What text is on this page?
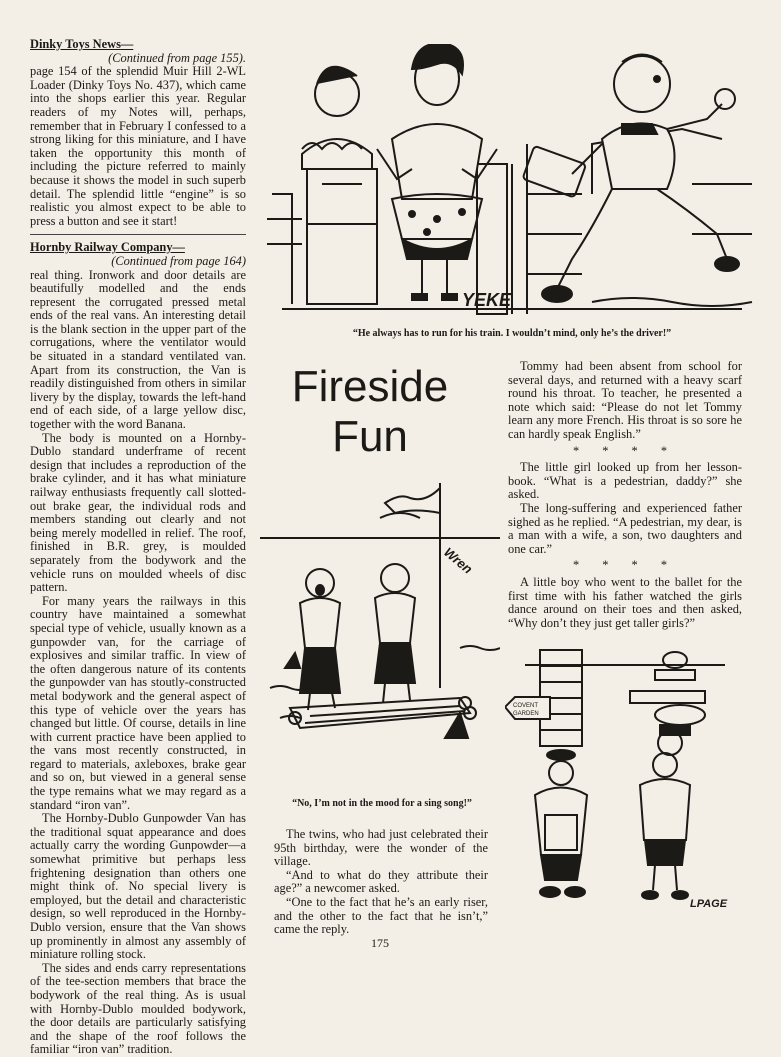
Dinky Toys News—

(Continued from page 155).

page 154 of the splendid Muir Hill 2-WL Loader (Dinky Toys No. 437), which came into the shops earlier this year. Regular readers of my Notes will, perhaps, remember that in February I confessed to a strong liking for this miniature, and I have taken the opportunity this month of including the picture referred to mainly because it shows the model in such superb detail. The splendid little “engine” is so realistic you almost expect to be able to press a button and see it start!

Hornby Railway Company—

(Continued from page 164)

real thing. Ironwork and door details are beautifully modelled and the ends represent the corrugated pressed metal ends of the real vans. An interesting detail is the blank section in the upper part of the corrugations, where the ventilator would be situated in a standard ventilated van. Apart from its construction, the Van is readily distinguished from others in similar livery by the display, towards the left-hand end of each side, of a large yellow disc, together with the word Banana.

The body is mounted on a Hornby-Dublo standard underframe of recent design that includes a reproduction of the brake cylinder, and it has what miniature railway enthusiasts frequently call slotted-out brake gear, the individual rods and members standing out clearly and not being merely modelled in relief. The roof, finished in B.R. grey, is moulded separately from the bodywork and the vehicle runs on moulded wheels of disc pattern.

For many years the railways in this country have maintained a somewhat special type of vehicle, usually known as a gunpowder van, for the carriage of explosives and similar traffic. In view of the often dangerous nature of its contents the gunpowder van has stoutly-constructed metal bodywork and the general aspect of this type of vehicle over the years has changed but little. Of course, details in line with current practice have been applied to the vans most recently constructed, in regard to materials, axleboxes, brake gear and so on, but viewed in a general sense the type remains what we may regard as a standard “iron van”.

The Hornby-Dublo Gunpowder Van has the traditional squat appearance and does actually carry the wording Gunpowder—a somewhat primitive but perhaps less frightening designation than others one might think of. No special livery is employed, but the detail and characteristic design, so well reproduced in the Hornby-Dublo version, ensure that the Van shows up prominently in almost any assembly of miniature rolling stock.

The sides and ends carry representations of the tee-section members that brace the bodywork of the real thing. As is usual with Hornby-Dublo moulded bodywork, the door details are particularly satisfying and the shape of the roof follows the familiar “iron van” tradition.

YEKE
“He always has to run for his train. I wouldn’t mind, only he’s the driver!”
Fireside
Fun
Wren
“No, I’m not in the mood for a sing song!”

The twins, who had just celebrated their 95th birthday, were the wonder of the village.

“And to what do they attribute their age?” a newcomer asked.

“One to the fact that he’s an early riser, and the other to the fact that he isn’t,” came the reply.

Tommy had been absent from school for several days, and returned with a heavy scarf round his throat. To teacher, he presented a note which said: “Please do not let Tommy learn any more French. His throat is so sore he can hardly speak English.”

* * * *

The little girl looked up from her lesson-book. “What is a pedestrian, daddy?” she asked.

The long-suffering and experienced father sighed as he replied. “A pedestrian, my dear, is a man with a wife, a son, two daughters and one car.”

* * * *

A little boy who went to the ballet for the first time with his father watched the girls dance around on their toes and then asked, “Why don’t they just get taller girls?”

COVENT
GARDEN
LPAGE
175
